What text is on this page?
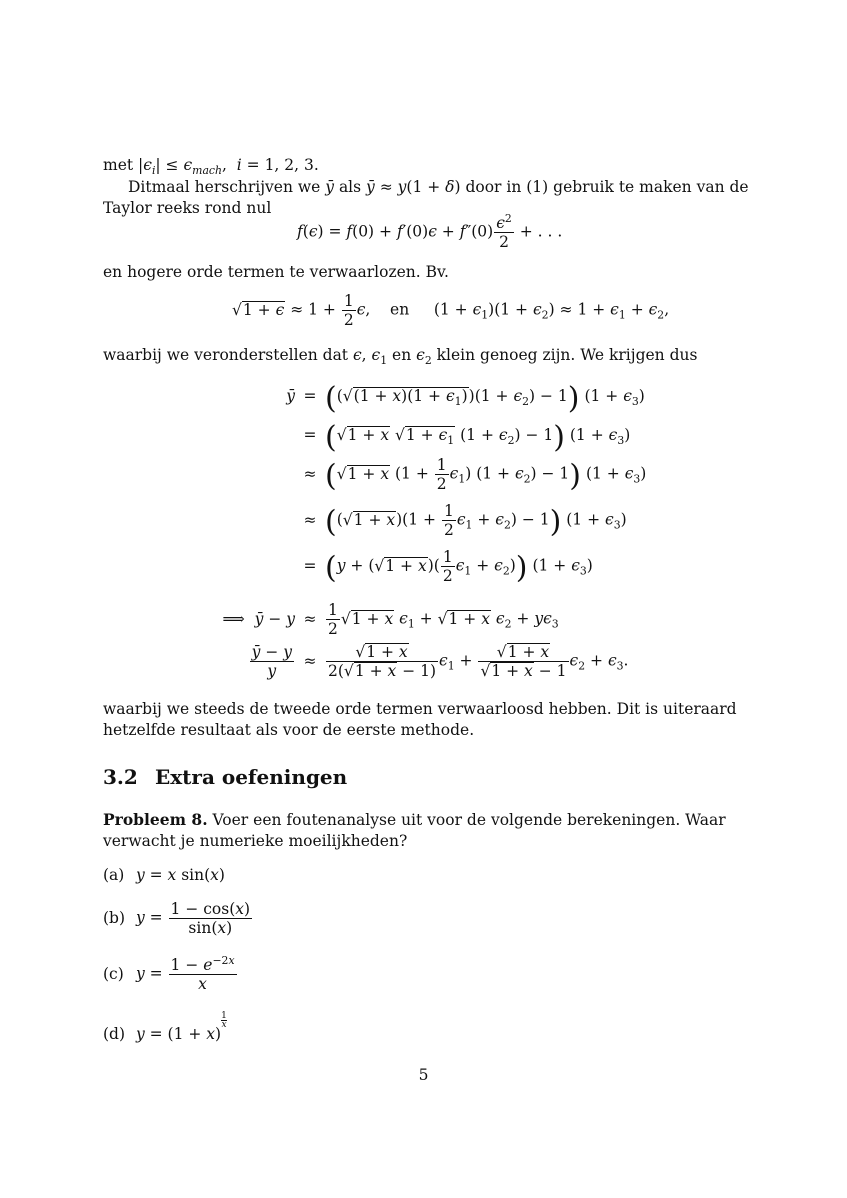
met $|\epsilon_i| \le \epsilon_{mach}$,  i = 1, 2, 3.
Ditmaal herschrijven we ȳ als ȳ ≈ y(1 + δ) door in (1) gebruik te maken van de Taylor reeks rond nul
$f(\epsilon) = f(0) + f'(0)\epsilon + f''(0) \frac{\epsilon^2}{2}$ + . . .
en hogere orde termen te verwaarlozen. Bv.
$√1 + \epsilon \approx 1 + \frac{1}{2} \epsilon$,    en     $(1 + \epsilon_1)(1 + \epsilon_2) \approx 1 + \epsilon_1 + \epsilon_2$,
waarbij we veronderstellen dat ϵ, $\epsilon_1$ en $\epsilon_2$ klein genoeg zijn. We krijgen dus
ȳ = $((√(1 + x)(1 + \epsilon_1))(1 + \epsilon_2) - 1)$ $(1 + \epsilon_3)$
= (√1 + x $√1 + \epsilon_1$ $(1 + \epsilon_2) - 1$) $(1 + \epsilon_3)$
≈ (√1 + x $(1 + \frac{1}{2} \epsilon_1)$ $(1 + \epsilon_2) - 1$) $(1 + \epsilon_3)$
≈ $((√1 + x)(1 + \frac{1}{2} \epsilon_1 + \epsilon_2) - 1)$ $(1 + \epsilon_3)$
= $(y + (√1 + x)( \frac{1}{2} \epsilon_1 + \epsilon_2))$ $(1 + \epsilon_3)$
⟹  ȳ − $y \approx \frac{1}{2} √1 + x$ $\epsilon_1 + √1 + x$ $\epsilon_2 + y\epsilon_3$
$\frac{ȳ - y}{y} \approx \frac{√1 + x}{2(√1 + x - 1)} \epsilon_1 + \frac{√1 + x}{√1 + x - 1} \epsilon_2 + \epsilon_3$.
waarbij we steeds de tweede orde termen verwaarloosd hebben. Dit is uiteraard hetzelfde resultaat als voor de eerste methode.
3.2 Extra oefeningen
Probleem 8. Voer een foutenanalyse uit voor de volgende berekeningen. Waar verwacht je numerieke moeilijkheden?
(a) y = x sin(x)
(b) $y = \frac{1 - \cos(x)}{\sin(x)}$
(c) $y = \frac{1 - e^{-2x}}{x}$
(d) $y = (1 + x)^{1 x}$
5
